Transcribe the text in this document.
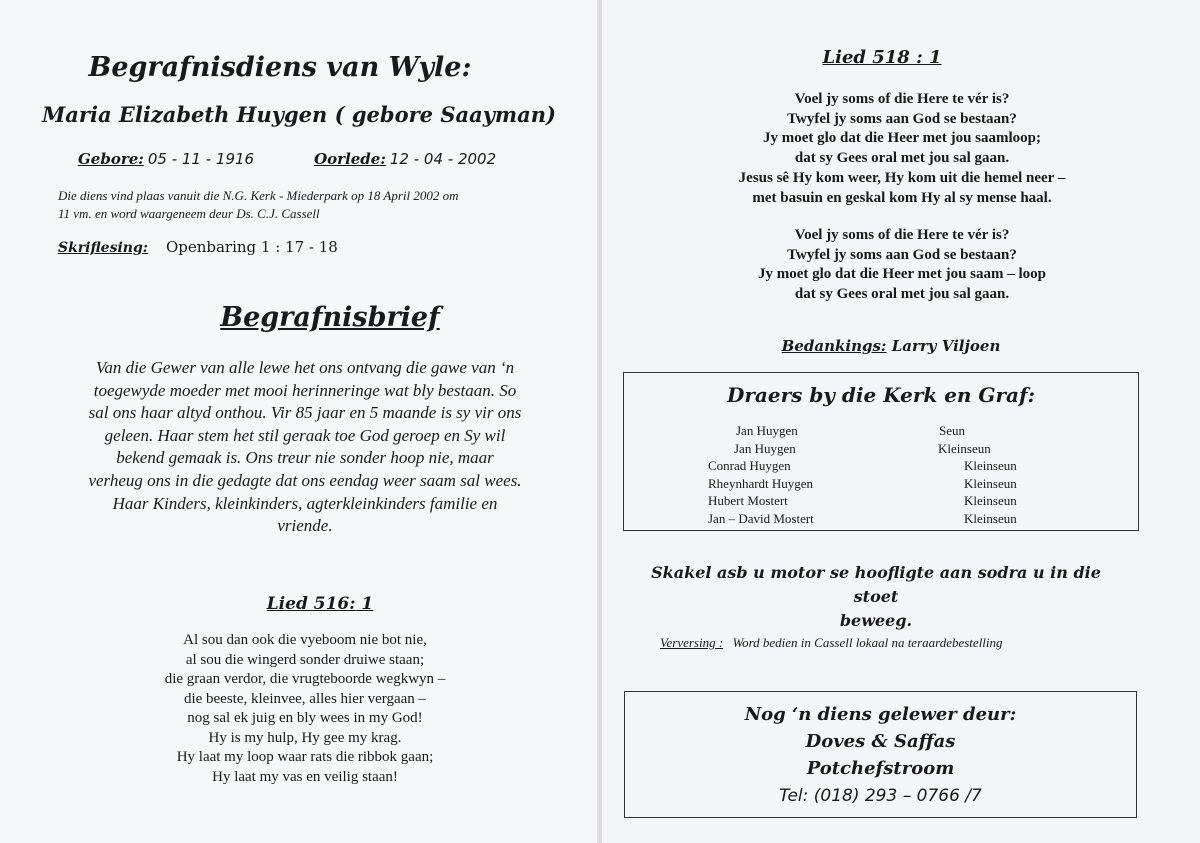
Begrafnisdiens van Wyle:
Maria Elizabeth Huygen ( gebore Saayman)
Gebore: 05 - 11 - 1916	Oorlede: 12 - 04 - 2002
Die diens vind plaas vanuit die N.G. Kerk - Miederpark op 18 April 2002 om
11 vm. en word waargeneem deur Ds. C.J. Cassell
Skriflesing: Openbaring 1 : 17 - 18
Begrafnisbrief
Van die Gewer van alle lewe het ons ontvang die gawe van ‘n
toegewyde moeder met mooi herinneringe wat bly bestaan. So
sal ons haar altyd onthou. Vir 85 jaar en 5 maande is sy vir ons
geleen. Haar stem het stil geraak toe God geroep en Sy wil
bekend gemaak is. Ons treur nie sonder hoop nie, maar
verheug ons in die gedagte dat ons eendag weer saam sal wees.
Haar Kinders, kleinkinders, agterkleinkinders familie en
vriende.
Lied 516: 1
Al sou dan ook die vyeboom nie bot nie,
al sou die wingerd sonder druiwe staan;
die graan verdor, die vrugteboorde wegkwyn –
die beeste, kleinvee, alles hier vergaan –
nog sal ek juig en bly wees in my God!
Hy is my hulp, Hy gee my krag.
Hy laat my loop waar rats die ribbok gaan;
Hy laat my vas en veilig staan!
Lied 518 : 1
Voel jy soms of die Here te vér is?
Twyfel jy soms aan God se bestaan?
Jy moet glo dat die Heer met jou saamloop;
dat sy Gees oral met jou sal gaan.
Jesus sê Hy kom weer, Hy kom uit die hemel neer –
met basuin en geskal kom Hy al sy mense haal.
Voel jy soms of die Here te vér is?
Twyfel jy soms aan God se bestaan?
Jy moet glo dat die Heer met jou saam – loop
dat sy Gees oral met jou sal gaan.
Bedankings: Larry Viljoen
Draers by die Kerk en Graf:
Jan Huygen	Seun
Jan Huygen	Kleinseun
Conrad Huygen	Kleinseun
Rheynhardt Huygen	Kleinseun
Hubert Mostert	Kleinseun
Jan – David Mostert	Kleinseun
Skakel asb u motor se hoofligte aan sodra u in die stoet
beweeg.
Verversing : Word bedien in Cassell lokaal na teraardebestelling
Nog ‘n diens gelewer deur:
Doves & Saffas
Potchefstroom
Tel: (018) 293 – 0766 /7
